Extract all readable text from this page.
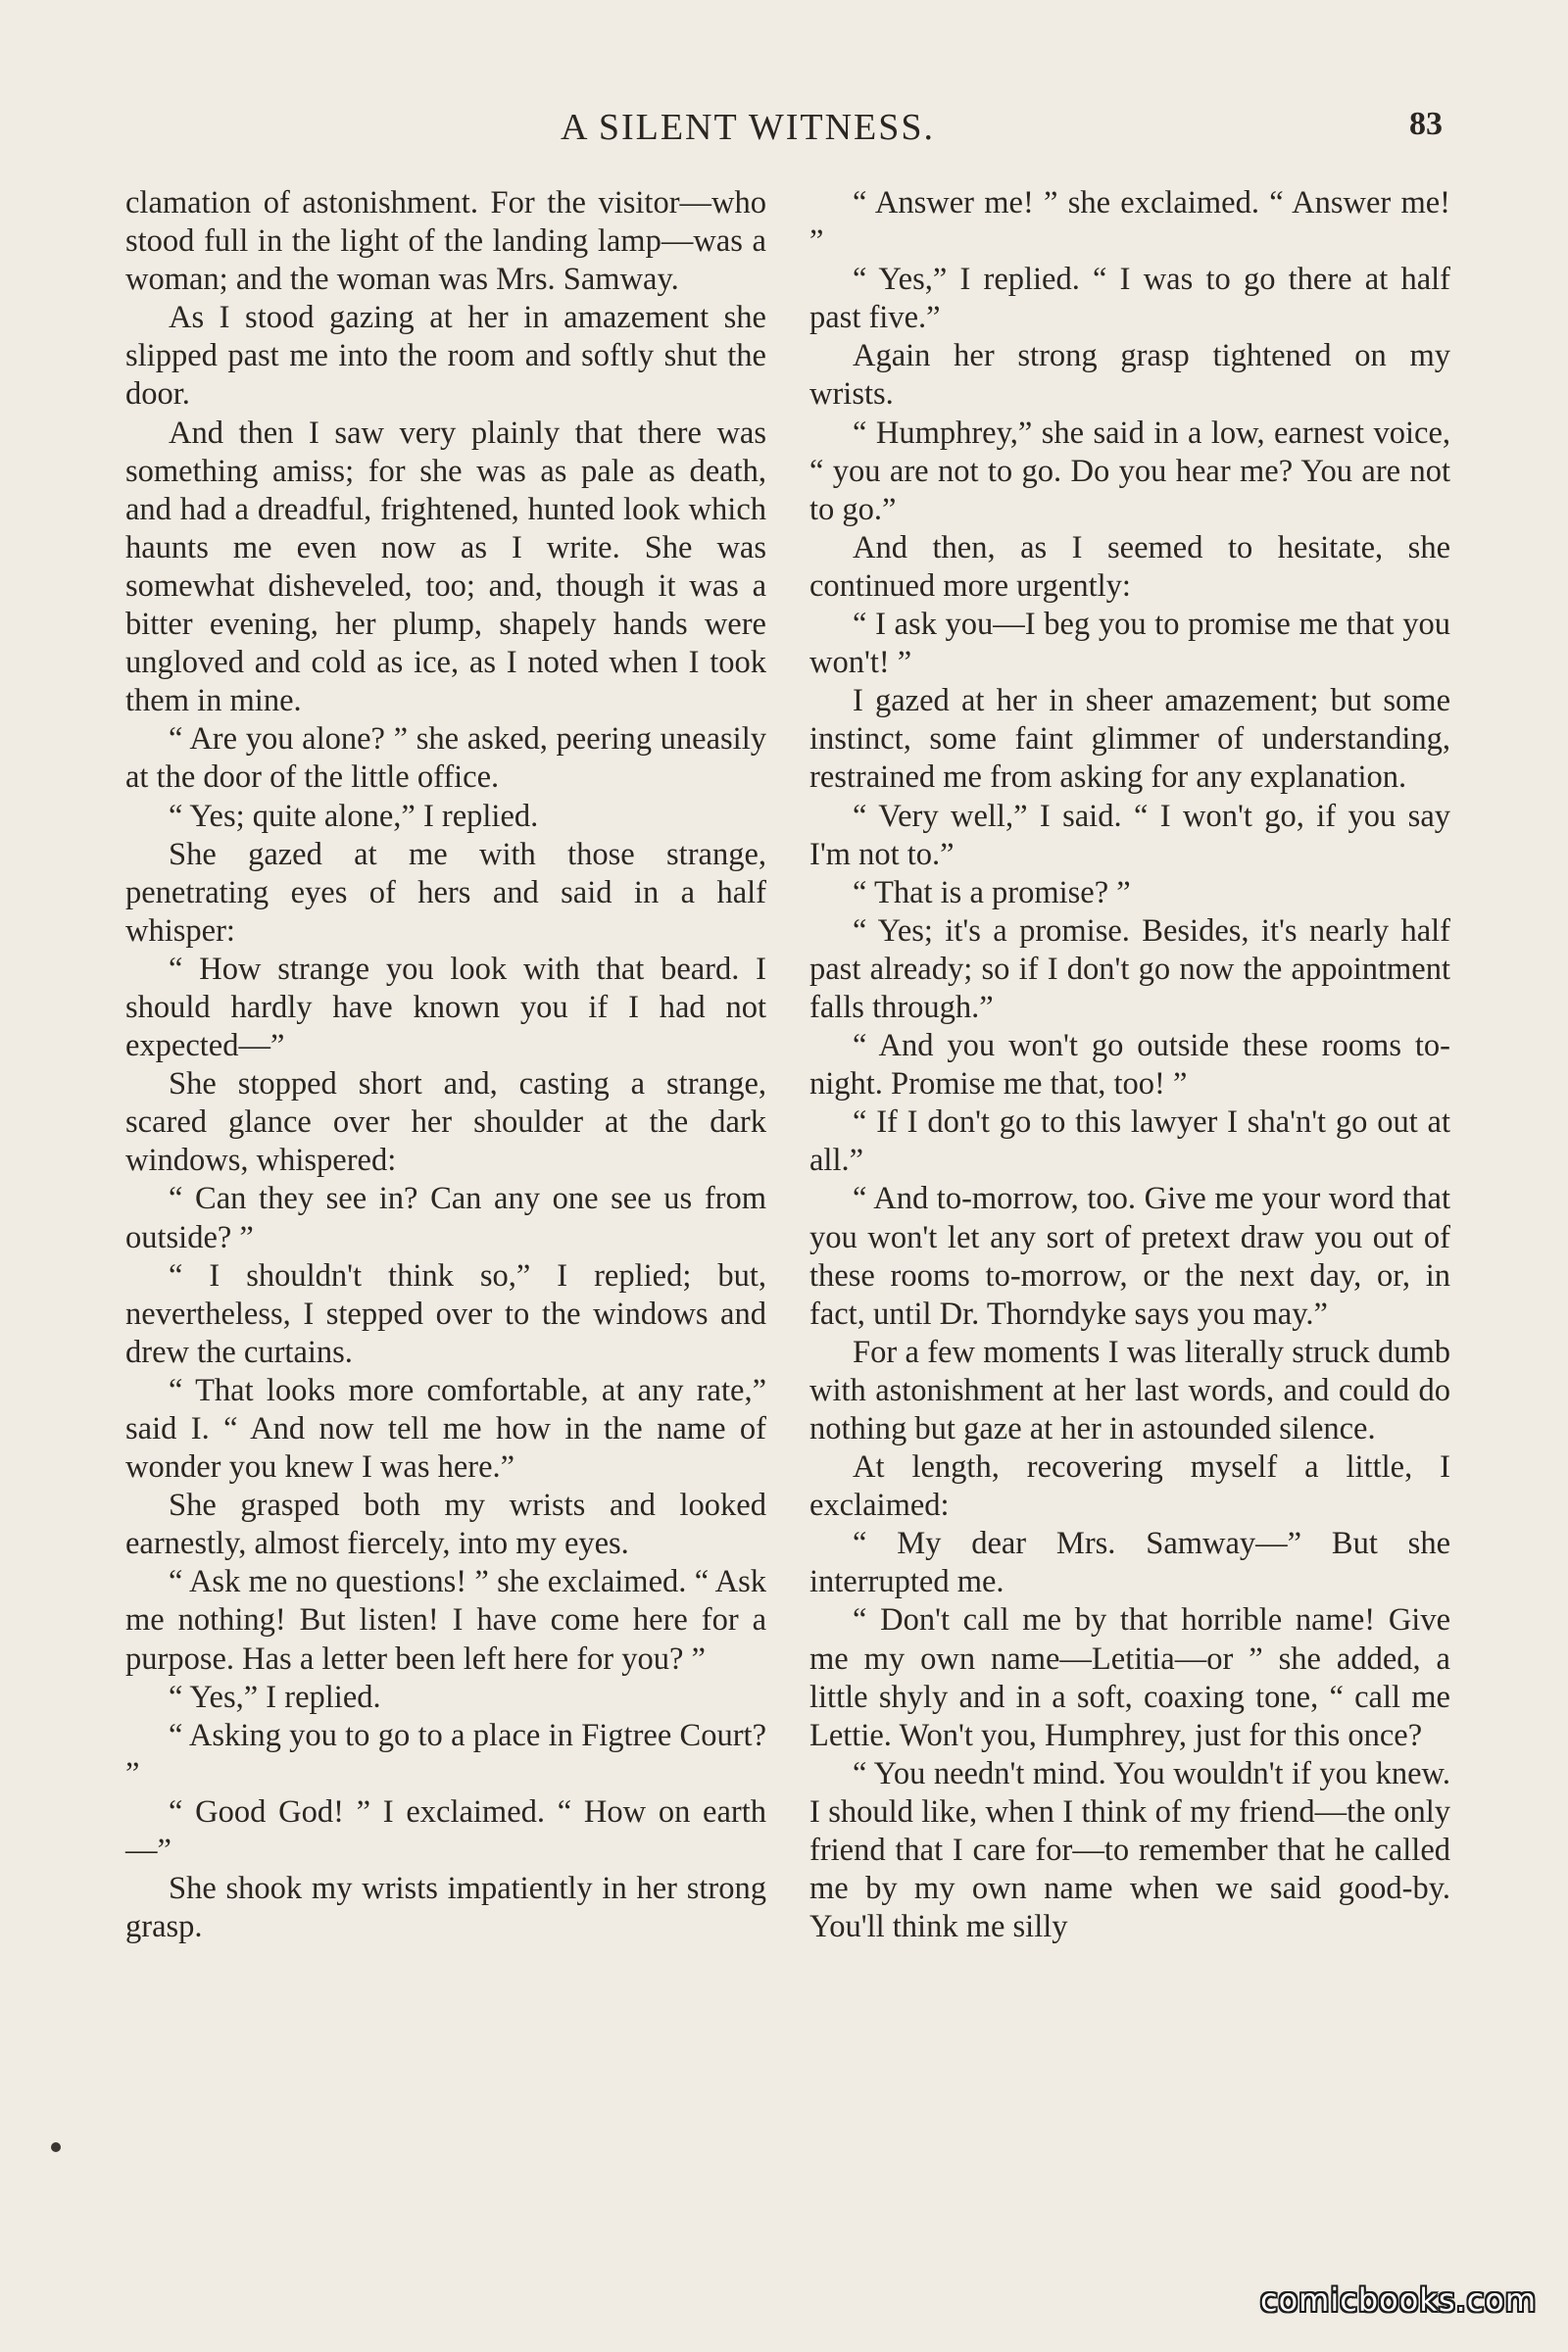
A SILENT WITNESS.	83

clamation of astonishment. For the visitor—who stood full in the light of the landing lamp—was a woman; and the woman was Mrs. Samway.

As I stood gazing at her in amazement she slipped past me into the room and softly shut the door.

And then I saw very plainly that there was something amiss; for she was as pale as death, and had a dreadful, frightened, hunted look which haunts me even now as I write. She was somewhat disheveled, too; and, though it was a bitter evening, her plump, shapely hands were ungloved and cold as ice, as I noted when I took them in mine.

“ Are you alone? ” she asked, peering uneasily at the door of the little office.

“ Yes; quite alone,” I replied.

She gazed at me with those strange, penetrating eyes of hers and said in a half whisper:

“ How strange you look with that beard. I should hardly have known you if I had not expected—”

She stopped short and, casting a strange, scared glance over her shoulder at the dark windows, whispered:

“ Can they see in? Can any one see us from outside? ”

“ I shouldn't think so,” I replied; but, nevertheless, I stepped over to the windows and drew the curtains.

“ That looks more comfortable, at any rate,” said I. “ And now tell me how in the name of wonder you knew I was here.”

She grasped both my wrists and looked earnestly, almost fiercely, into my eyes.

“ Ask me no questions! ” she exclaimed. “ Ask me nothing! But listen! I have come here for a purpose. Has a letter been left here for you? ”

“ Yes,” I replied.

“ Asking you to go to a place in Figtree Court? ”

“ Good God! ” I exclaimed. “ How on earth—”

She shook my wrists impatiently in her strong grasp.

“ Answer me! ” she exclaimed. “ Answer me! ”

“ Yes,” I replied. “ I was to go there at half past five.”

Again her strong grasp tightened on my wrists.

“ Humphrey,” she said in a low, earnest voice, “ you are not to go. Do you hear me? You are not to go.”

And then, as I seemed to hesitate, she continued more urgently:

“ I ask you—I beg you to promise me that you won't! ”

I gazed at her in sheer amazement; but some instinct, some faint glimmer of understanding, restrained me from asking for any explanation.

“ Very well,” I said. “ I won't go, if you say I'm not to.”

“ That is a promise? ”

“ Yes; it's a promise. Besides, it's nearly half past already; so if I don't go now the appointment falls through.”

“ And you won't go outside these rooms to-night. Promise me that, too! ”

“ If I don't go to this lawyer I sha'n't go out at all.”

“ And to-morrow, too. Give me your word that you won't let any sort of pretext draw you out of these rooms to-morrow, or the next day, or, in fact, until Dr. Thorndyke says you may.”

For a few moments I was literally struck dumb with astonishment at her last words, and could do nothing but gaze at her in astounded silence.

At length, recovering myself a little, I exclaimed:

“ My dear Mrs. Samway—” But she interrupted me.

“ Don't call me by that horrible name! Give me my own name—Letitia—or ” she added, a little shyly and in a soft, coaxing tone, “ call me Lettie. Won't you, Humphrey, just for this once?

“ You needn't mind. You wouldn't if you knew. I should like, when I think of my friend—the only friend that I care for—to remember that he called me by my own name when we said good-by. You'll think me silly

comicbooks.com
